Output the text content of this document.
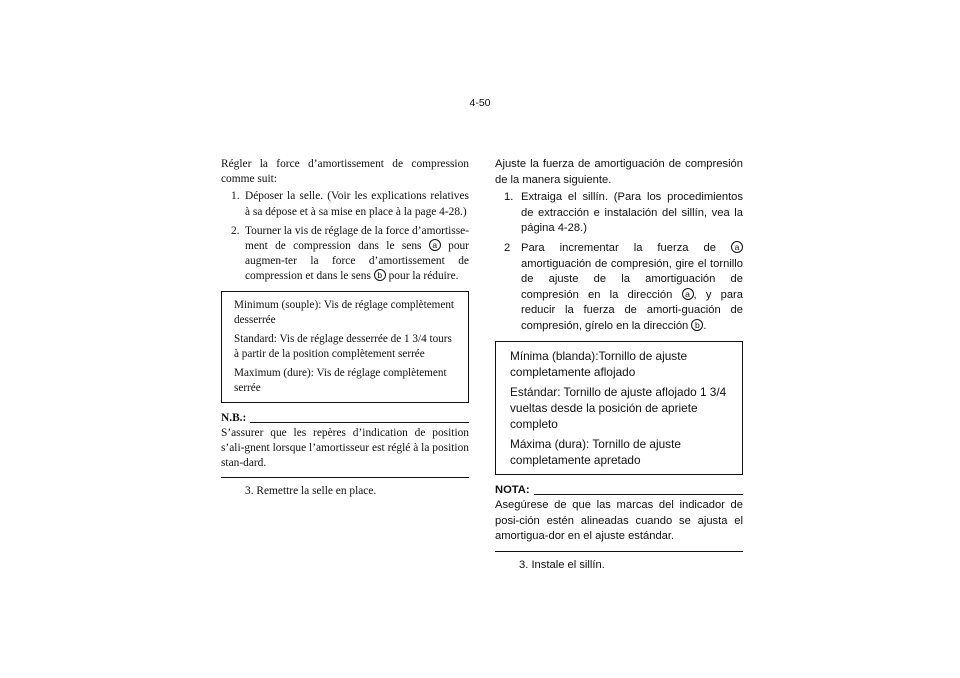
4-50

Régler la force d’amortissement de compression comme suit:

1. Déposer la selle. (Voir les explications relatives à sa dépose et à sa mise en place à la page 4-28.)
2. Tourner la vis de réglage de la force d’amortisse-ment de compression dans le sens a pour augmen-ter la force d’amortissement de compression et dans le sens b pour la réduire.
Minimum (souple): Vis de réglage complètement desserrée
Standard: Vis de réglage desserrée de 1 3/4 tours à partir de la position complètement serrée
Maximum (dure): Vis de réglage complètement serrée
N.B.:

S’assurer que les repères d’indication de position s’ali-gnent lorsque l’amortisseur est réglé à la position stan-dard.

3. Remettre la selle en place.

Ajuste la fuerza de amortiguación de compresión de la manera siguiente.

1. Extraiga el sillín. (Para los procedimientos de extracción e instalación del sillín, vea la página 4-28.)
2 Para incrementar la fuerza de a amortiguación de compresión, gire el tornillo de ajuste de la amortiguación de compresión en la dirección a , y para reducir la fuerza de amorti-guación de compresión, gírelo en la dirección b .
Mínima (blanda):Tornillo de ajuste completamente aflojado
Estándar: Tornillo de ajuste aflojado 1 3/4 vueltas desde la posición de apriete completo
Máxima (dura): Tornillo de ajuste completamente apretado
NOTA:

Asegúrese de que las marcas del indicador de posi-ción estén alineadas cuando se ajusta el amortigua-dor en el ajuste estándar.

3. Instale el sillín.
